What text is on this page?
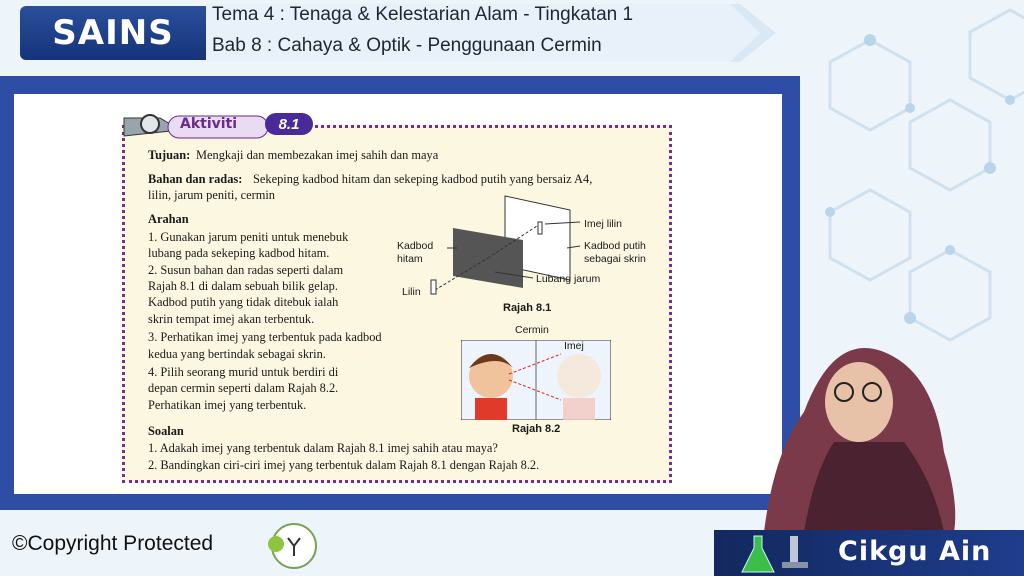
SAINS	Tema 4 : Tenaga & Kelestarian Alam - Tingkatan 1
Bab 8 : Cahaya & Optik - Penggunaan Cermin
Aktiviti	8.1
Tujuan: Mengkaji dan membezakan imej sahih dan maya
Bahan dan radas: Sekeping kadbod hitam dan sekeping kadbod putih yang bersaiz A4,
lilin, jarum peniti, cermin
Arahan
1. Gunakan jarum peniti untuk menebuk
lubang pada sekeping kadbod hitam.
2. Susun bahan dan radas seperti dalam
Rajah 8.1 di dalam sebuah bilik gelap.
Kadbod putih yang tidak ditebuk ialah
skrin tempat imej akan terbentuk.
3. Perhatikan imej yang terbentuk pada kadbod
kedua yang bertindak sebagai skrin.
4. Pilih seorang murid untuk berdiri di
depan cermin seperti dalam Rajah 8.2.
Perhatikan imej yang terbentuk.
Soalan
1. Adakah imej yang terbentuk dalam Rajah 8.1 imej sahih atau maya?
2. Bandingkan ciri-ciri imej yang terbentuk dalam Rajah 8.1 dengan Rajah 8.2.
Kadbod
hitam
Lilin
Imej lilin
Kadbod putih
sebagai skrin
Lubang jarum
Rajah 8.1
Cermin
Imej
Rajah 8.2
©Copyright Protected	Cikgu Ain
